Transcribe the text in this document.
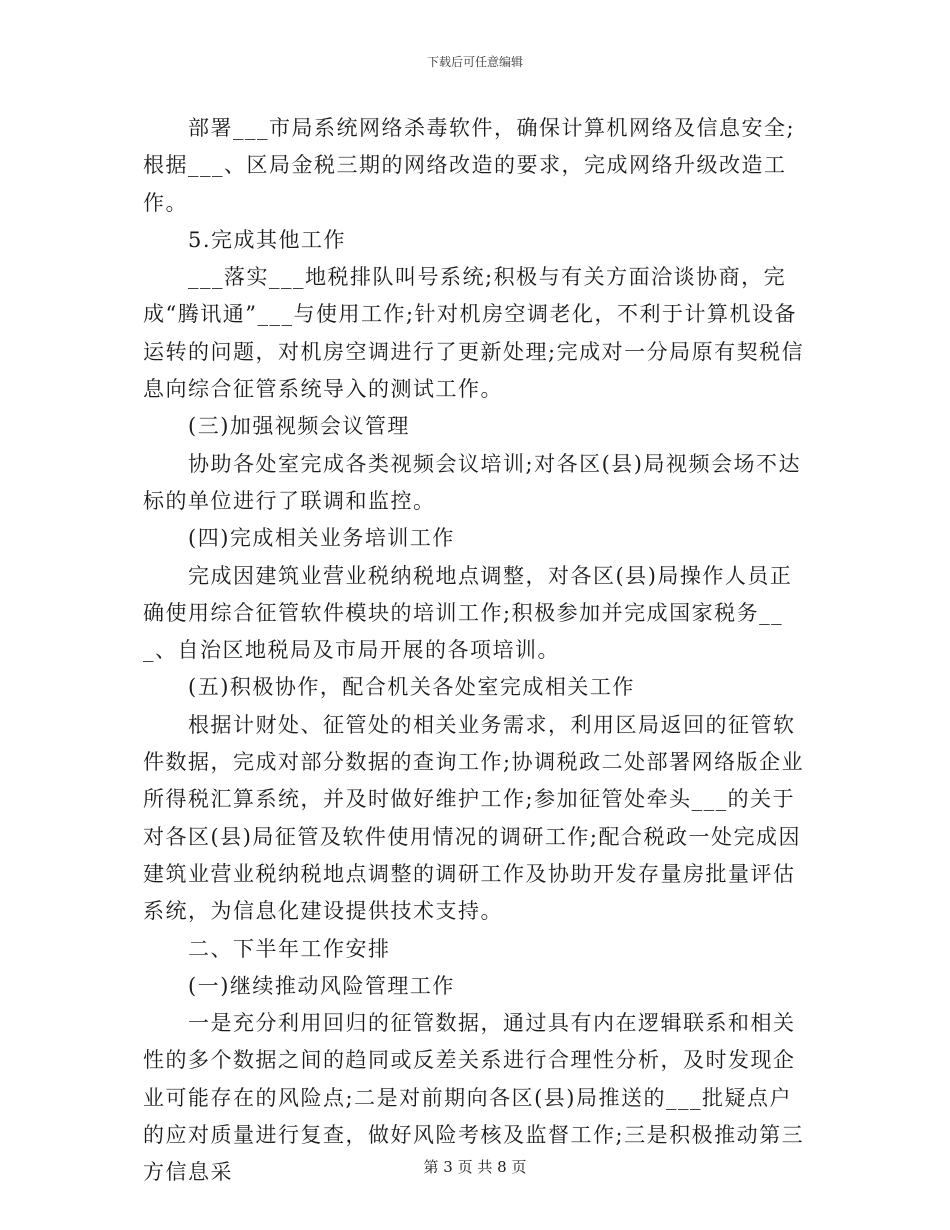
下载后可任意编辑

部署___市局系统网络杀毒软件，确保计算机网络及信息安全;根据___、区局金税三期的网络改造的要求，完成网络升级改造工作。

5.完成其他工作

___落实___地税排队叫号系统;积极与有关方面洽谈协商，完成“腾讯通”___与使用工作;针对机房空调老化，不利于计算机设备运转的问题，对机房空调进行了更新处理;完成对一分局原有契税信息向综合征管系统导入的测试工作。

(三)加强视频会议管理

协助各处室完成各类视频会议培训;对各区(县)局视频会场不达标的单位进行了联调和监控。

(四)完成相关业务培训工作

完成因建筑业营业税纳税地点调整，对各区(县)局操作人员正确使用综合征管软件模块的培训工作;积极参加并完成国家税务___、自治区地税局及市局开展的各项培训。

(五)积极协作，配合机关各处室完成相关工作

根据计财处、征管处的相关业务需求，利用区局返回的征管软件数据，完成对部分数据的查询工作;协调税政二处部署网络版企业所得税汇算系统，并及时做好维护工作;参加征管处牵头___的关于对各区(县)局征管及软件使用情况的调研工作;配合税政一处完成因建筑业营业税纳税地点调整的调研工作及协助开发存量房批量评估系统，为信息化建设提供技术支持。

二、下半年工作安排

(一)继续推动风险管理工作

一是充分利用回归的征管数据，通过具有内在逻辑联系和相关性的多个数据之间的趋同或反差关系进行合理性分析，及时发现企业可能存在的风险点;二是对前期向各区(县)局推送的___批疑点户的应对质量进行复查，做好风险考核及监督工作;三是积极推动第三方信息采	第 3 页 共 8 页
